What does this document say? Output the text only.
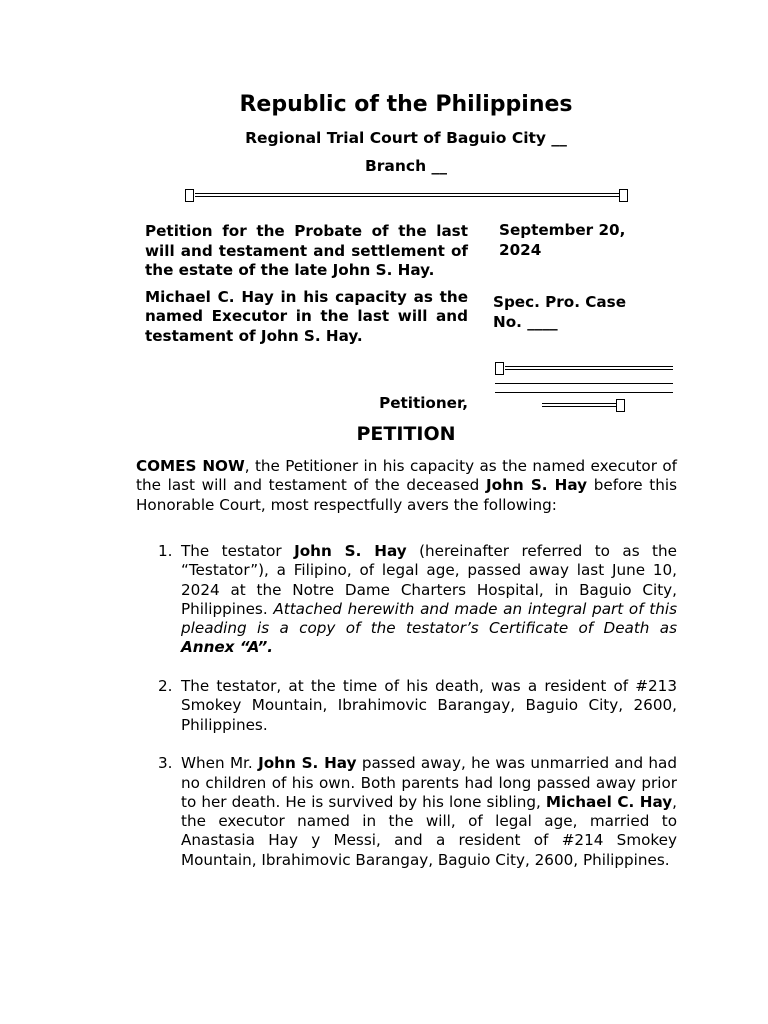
Republic of the Philippines
Regional Trial Court of Baguio City __
Branch __

Petition for the Probate of the last will and testament and settlement of the estate of the late John S. Hay.

Michael C. Hay in his capacity as the named Executor in the last will and testament of John S. Hay.

Petitioner,
September 20,
2024
Spec. Pro. Case
No. ____
PETITION
COMES NOW, the Petitioner in his capacity as the named executor of the last will and testament of the deceased John S. Hay before this Honorable Court, most respectfully avers the following:
1. The testator John S. Hay (hereinafter referred to as the “Testator”), a Filipino, of legal age, passed away last June 10, 2024 at the Notre Dame Charters Hospital, in Baguio City, Philippines. Attached herewith and made an integral part of this pleading is a copy of the testator’s Certificate of Death as Annex “A”.
2. The testator, at the time of his death, was a resident of #213 Smokey Mountain, Ibrahimovic Barangay, Baguio City, 2600, Philippines.
3. When Mr. John S. Hay passed away, he was unmarried and had no children of his own. Both parents had long passed away prior to her death. He is survived by his lone sibling, Michael C. Hay, the executor named in the will, of legal age, married to Anastasia Hay y Messi, and a resident of #214 Smokey Mountain, Ibrahimovic Barangay, Baguio City, 2600, Philippines.
